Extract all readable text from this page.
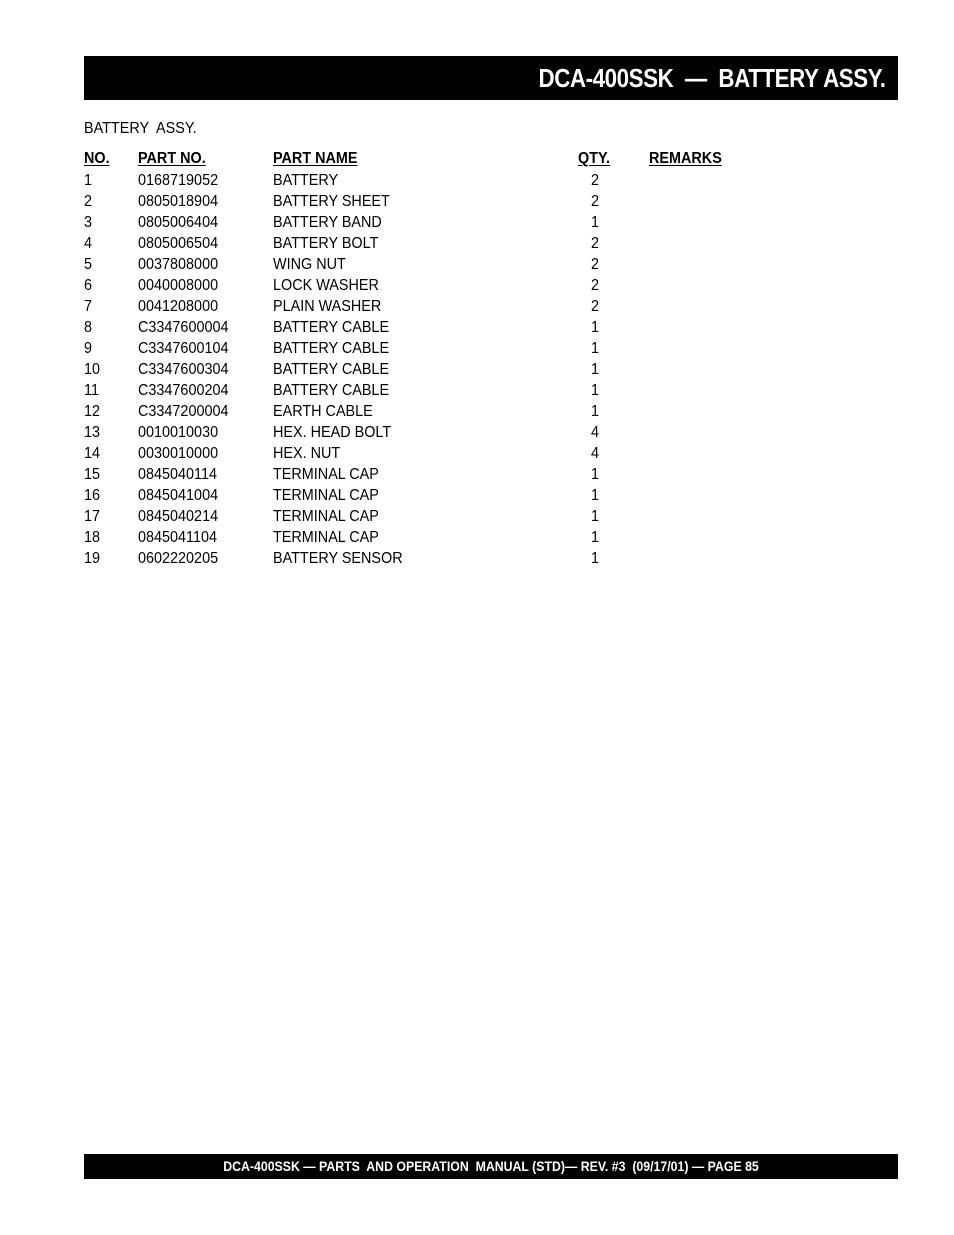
DCA-400SSK  —  BATTERY ASSY.
BATTERY  ASSY.
NO. PART NO.	PART NAME	QTY. REMARKS
1	0168719052	BATTERY	2
2	0805018904	BATTERY SHEET	2
3	0805006404	BATTERY BAND	1
4	0805006504	BATTERY BOLT	2
5	0037808000	WING NUT	2
6	0040008000	LOCK WASHER	2
7	0041208000	PLAIN WASHER	2
8	C3347600004	BATTERY CABLE	1
9	C3347600104	BATTERY CABLE	1
10 C3347600304	BATTERY CABLE	1
11 C3347600204	BATTERY CABLE	1
12 C3347200004	EARTH CABLE	1
13 0010010030	HEX. HEAD BOLT	4
14 0030010000	HEX. NUT	4
15 0845040114	TERMINAL CAP	1
16 0845041004	TERMINAL CAP	1
17 0845040214	TERMINAL CAP	1
18 0845041104	TERMINAL CAP	1
19 0602220205	BATTERY SENSOR	1
DCA-400SSK — PARTS  AND OPERATION  MANUAL (STD)— REV. #3  (09/17/01) — PAGE 85
